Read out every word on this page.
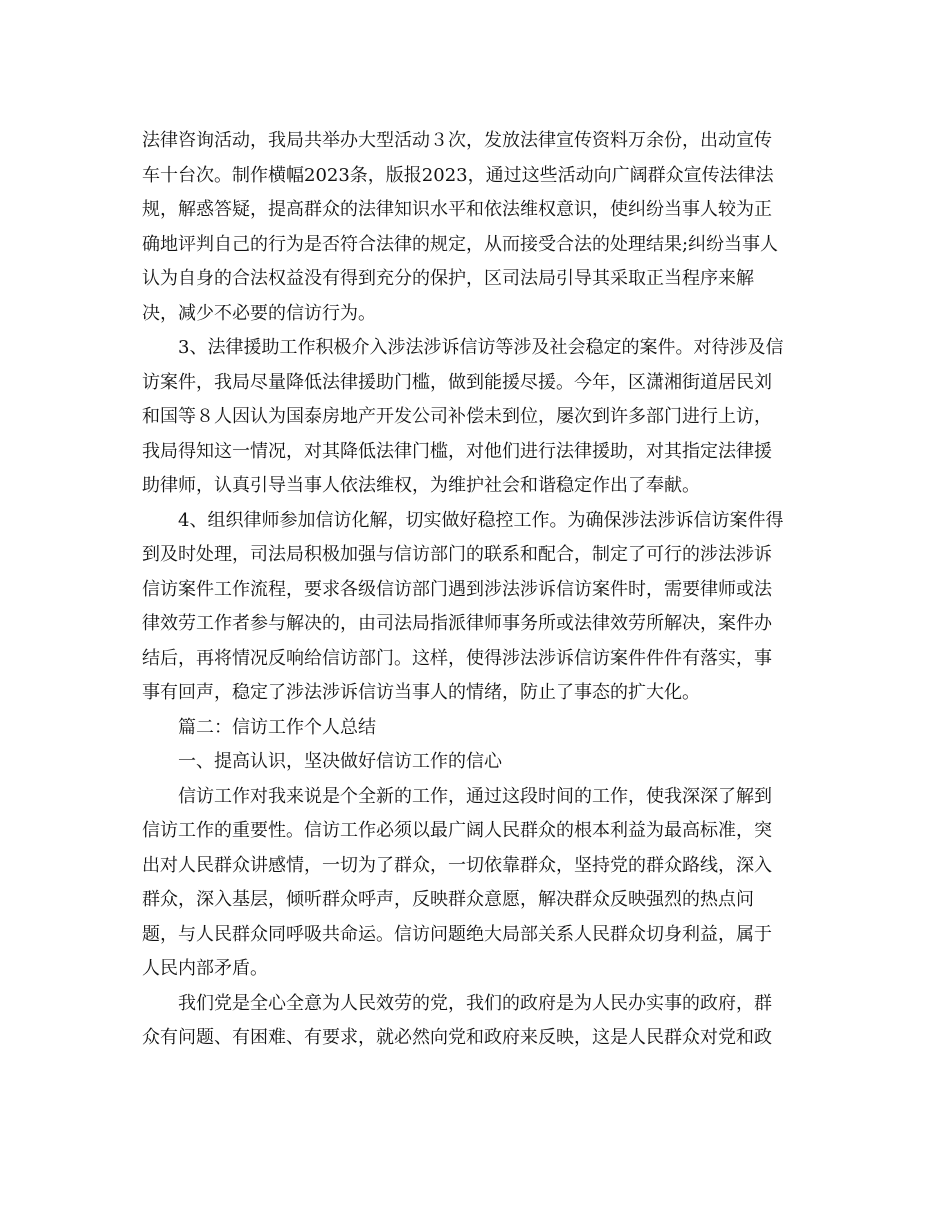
法律咨询活动，我局共举办大型活动３次，发放法律宣传资料万余份，出动宣传
车十台次。制作横幅2023条，版报2023，通过这些活动向广阔群众宣传法律法
规，解惑答疑，提高群众的法律知识水平和依法维权意识，使纠纷当事人较为正
确地评判自己的行为是否符合法律的规定，从而接受合法的处理结果;纠纷当事人
认为自身的合法权益没有得到充分的保护，区司法局引导其采取正当程序来解
决，减少不必要的信访行为。
　　3、法律援助工作积极介入涉法涉诉信访等涉及社会稳定的案件。对待涉及信
访案件，我局尽量降低法律援助门槛，做到能援尽援。今年，区潇湘街道居民刘
和国等８人因认为国泰房地产开发公司补偿未到位，屡次到许多部门进行上访，
我局得知这一情况，对其降低法律门槛，对他们进行法律援助，对其指定法律援
助律师，认真引导当事人依法维权，为维护社会和谐稳定作出了奉献。
　　4、组织律师参加信访化解，切实做好稳控工作。为确保涉法涉诉信访案件得
到及时处理，司法局积极加强与信访部门的联系和配合，制定了可行的涉法涉诉
信访案件工作流程，要求各级信访部门遇到涉法涉诉信访案件时，需要律师或法
律效劳工作者参与解决的，由司法局指派律师事务所或法律效劳所解决，案件办
结后，再将情况反响给信访部门。这样，使得涉法涉诉信访案件件件有落实，事
事有回声，稳定了涉法涉诉信访当事人的情绪，防止了事态的扩大化。
　　篇二：信访工作个人总结
　　一、提高认识，坚决做好信访工作的信心
　　信访工作对我来说是个全新的工作，通过这段时间的工作，使我深深了解到
信访工作的重要性。信访工作必须以最广阔人民群众的根本利益为最高标准，突
出对人民群众讲感情，一切为了群众，一切依靠群众，坚持党的群众路线，深入
群众，深入基层，倾听群众呼声，反映群众意愿，解决群众反映强烈的热点问
题，与人民群众同呼吸共命运。信访问题绝大局部关系人民群众切身利益，属于
人民内部矛盾。
　　我们党是全心全意为人民效劳的党，我们的政府是为人民办实事的政府，群
众有问题、有困难、有要求，就必然向党和政府来反映，这是人民群众对党和政
